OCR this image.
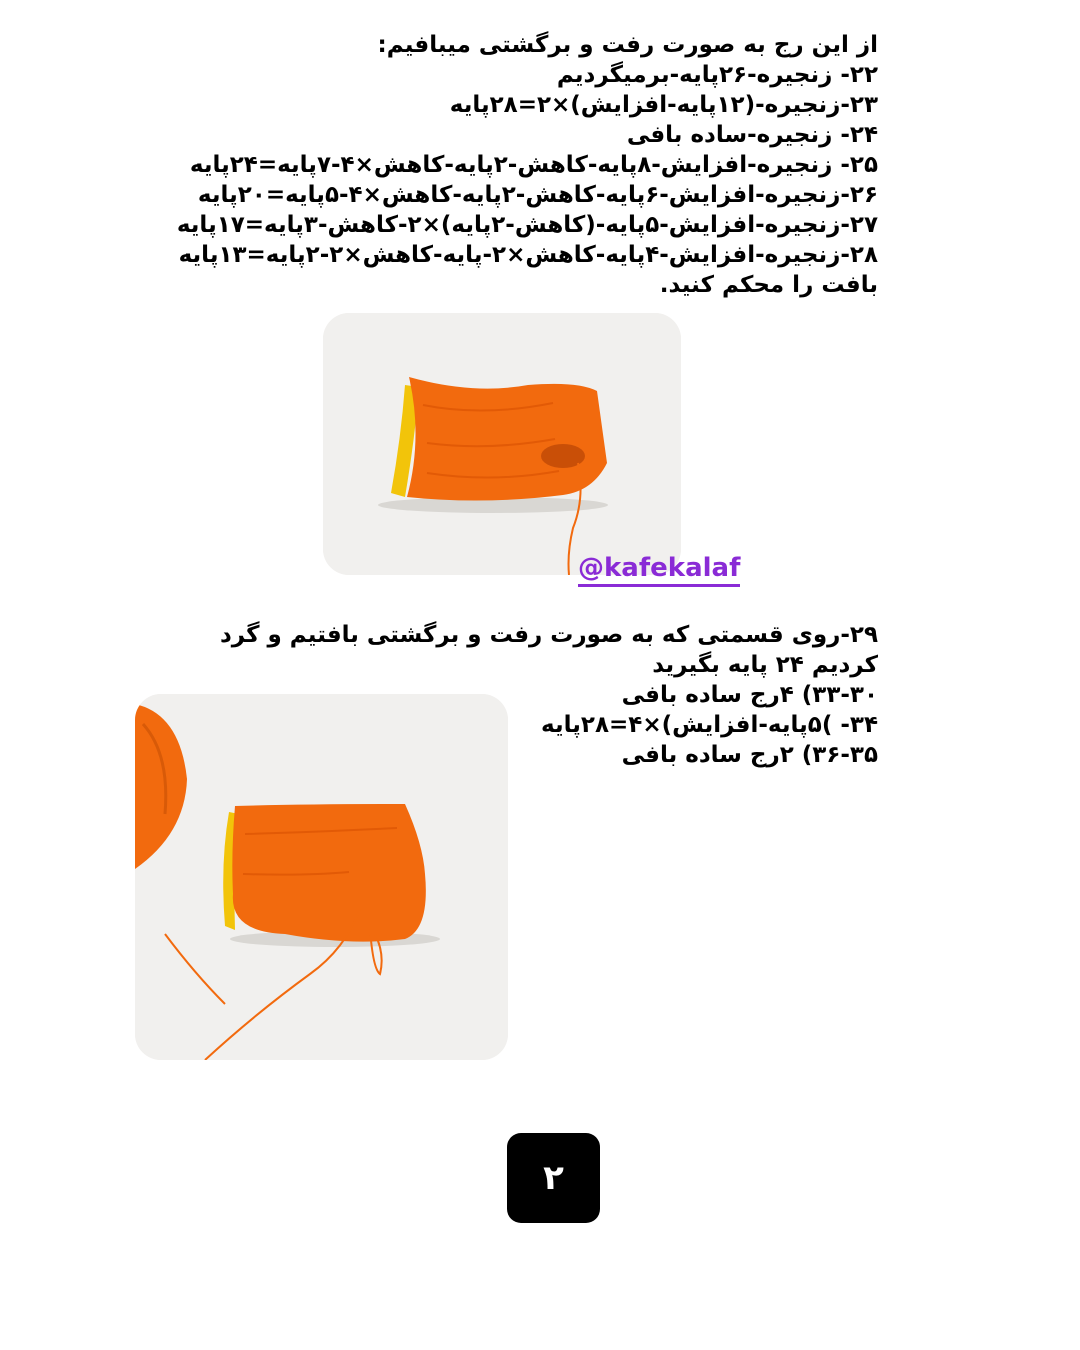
از این رج به صورت رفت و برگشتی میبافیم:
۲۲- زنجیره-۲۶پایه-برمیگردیم
۲۳-زنجیره-(۱۲پایه-افزایش)×۲=۲۸پایه
۲۴- زنجیره-ساده بافی
۲۵- زنجیره-افزایش-۸پایه-کاهش-۲پایه-کاهش×۴-۷پایه=۲۴پایه
۲۶-زنجیره-افزایش-۶پایه-کاهش-۲پایه-کاهش×۴-۵پایه=۲۰پایه
۲۷-زنجیره-افزایش-۵پایه-(کاهش-۲پایه)×۲-کاهش-۳پایه=۱۷پایه
۲۸-زنجیره-افزایش-۴پایه-کاهش×۲-پایه-کاهش×۲-۲پایه=۱۳پایه
بافت را محکم کنید.
@kafekalaf
۲۹-روی قسمتی که به صورت رفت و برگشتی بافتیم و گرد کردیم ۲۴ پایه بگیرید
۳۳-۳۰) ۴رج ساده بافی
۳۴- )۵پایه-افزایش)×۴=۲۸پایه
۳۶-۳۵) ۲رج ساده بافی
۲
